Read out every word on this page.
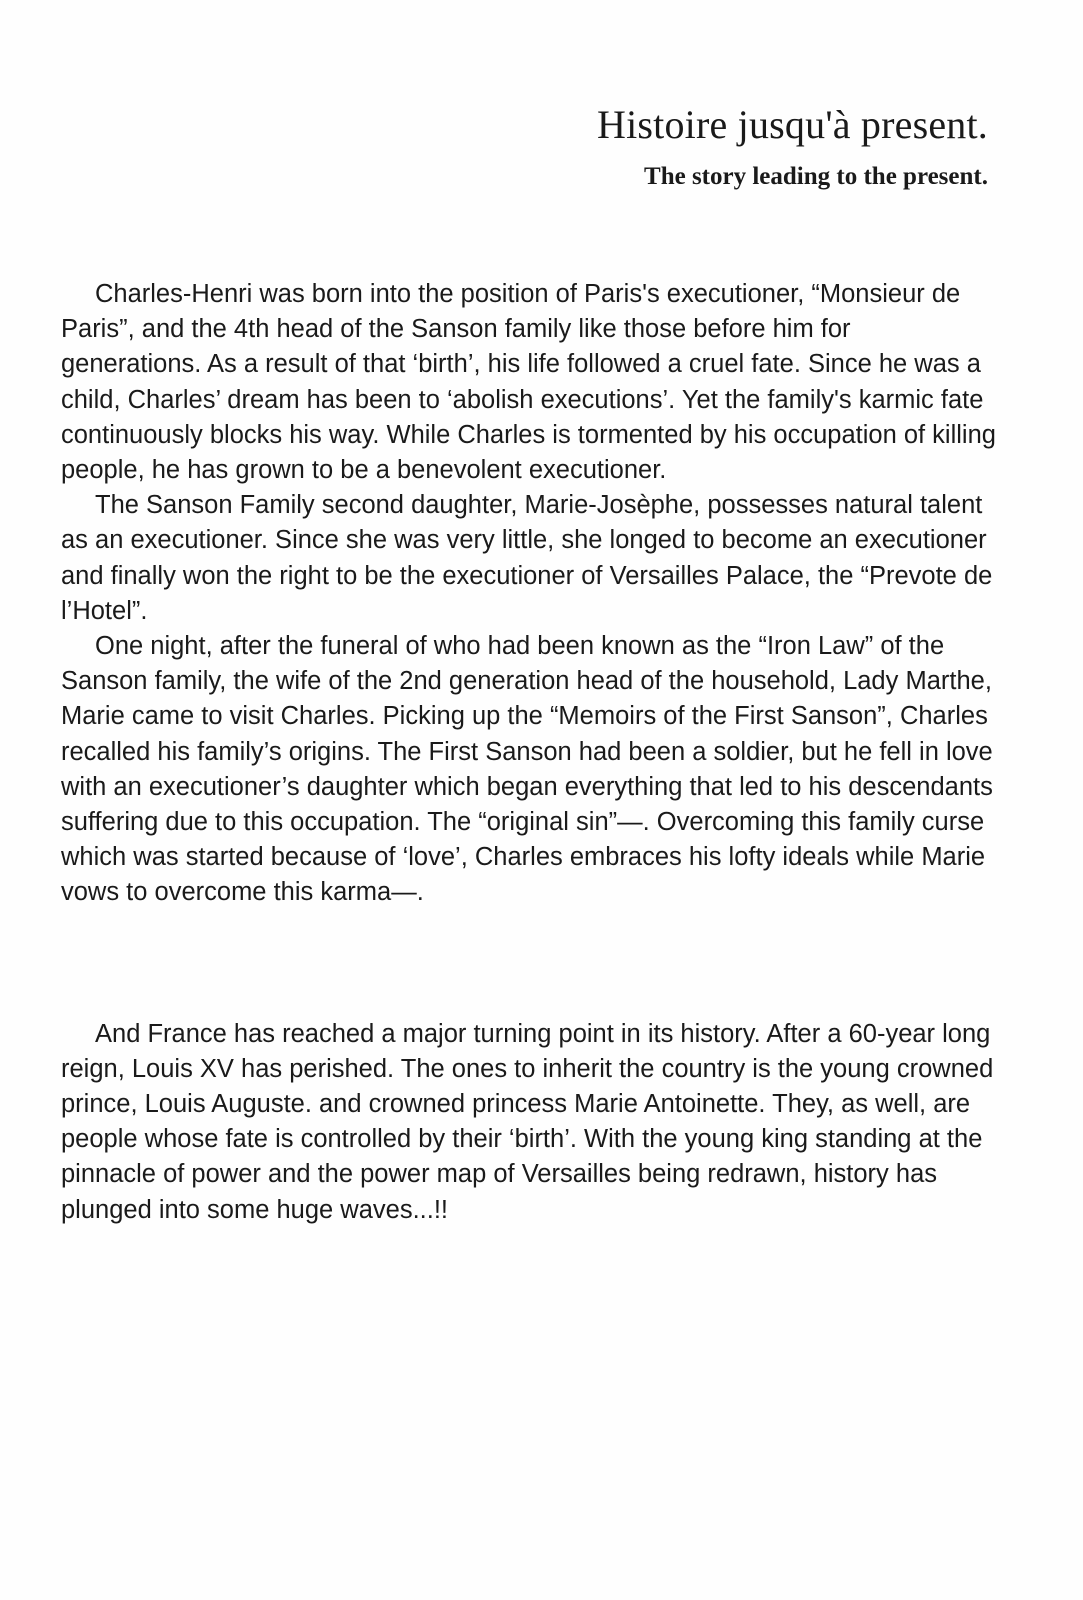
Histoire jusqu'à present.
The story leading to the present.

Charles-Henri was born into the position of Paris's executioner, “Monsieur de Paris”, and the 4th head of the Sanson family like those before him for generations. As a result of that ‘birth’, his life followed a cruel fate. Since he was a child, Charles’ dream has been to ‘abolish executions’. Yet the family's karmic fate continuously blocks his way. While Charles is tormented by his occupation of killing people, he has grown to be a benevolent executioner.

The Sanson Family second daughter, Marie-Josèphe, possesses natural talent as an executioner. Since she was very little, she longed to become an executioner and finally won the right to be the executioner of Versailles Palace, the “Prevote de l’Hotel”.

One night, after the funeral of who had been known as the “Iron Law” of the Sanson family, the wife of the 2nd generation head of the household, Lady Marthe, Marie came to visit Charles. Picking up the “Memoirs of the First Sanson”, Charles recalled his family’s origins. The First Sanson had been a soldier, but he fell in love with an executioner’s daughter which began everything that led to his descendants suffering due to this occupation. The “original sin”—. Overcoming this family curse which was started because of ‘love’, Charles embraces his lofty ideals while Marie vows to overcome this karma—.

And France has reached a major turning point in its history. After a 60-year long reign, Louis XV has perished. The ones to inherit the country is the young crowned prince, Louis Auguste. and crowned princess Marie Antoinette. They, as well, are people whose fate is controlled by their ‘birth’. With the young king standing at the pinnacle of power and the power map of Versailles being redrawn, history has plunged into some huge waves...!!
